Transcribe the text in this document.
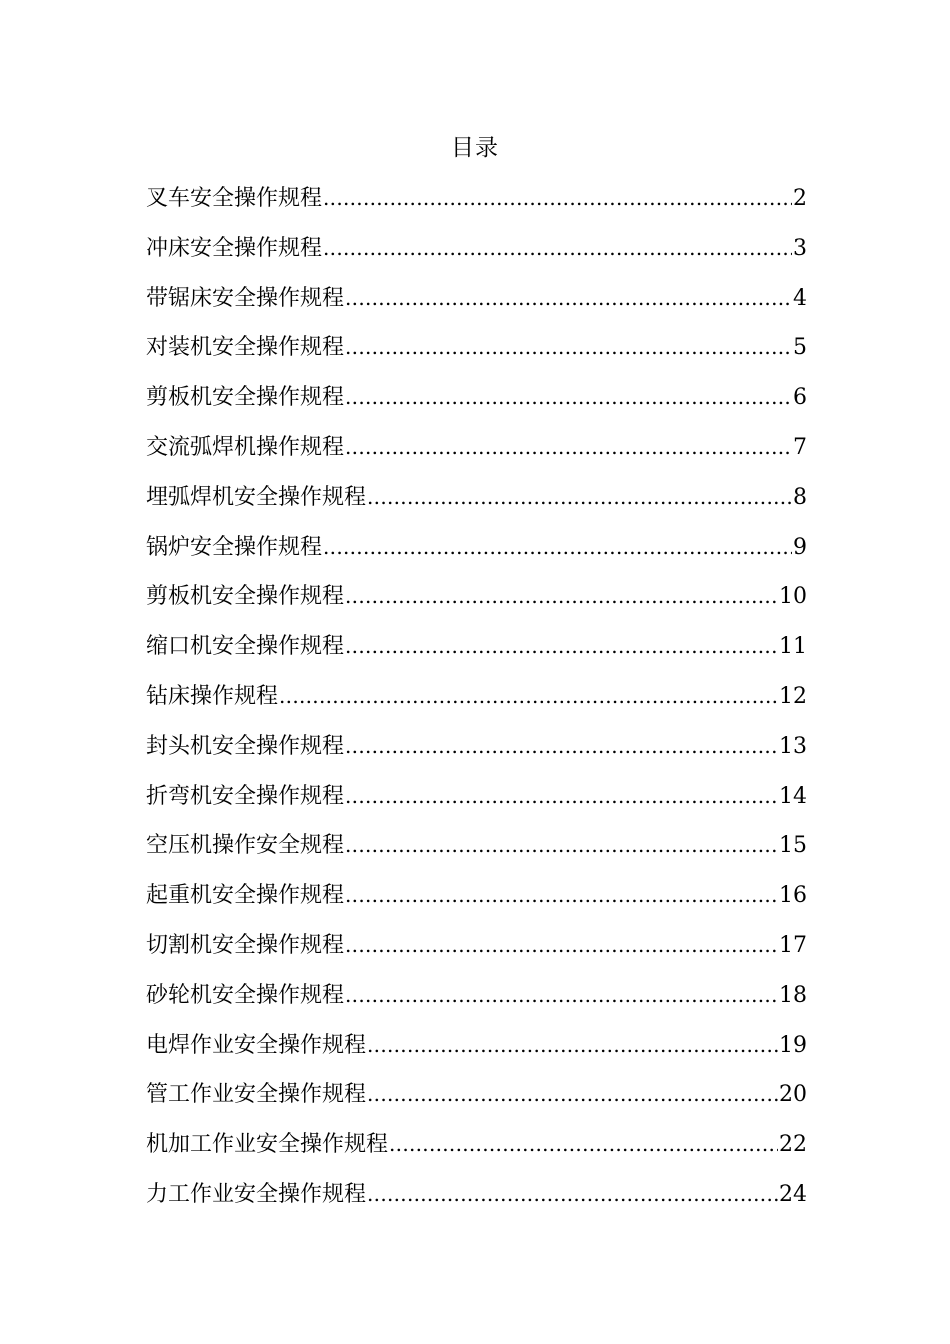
目录
叉车安全操作规程 .....	2
冲床安全操作规程 .....	3
带锯床安全操作规程 .....	4
对装机安全操作规程 .....	5
剪板机安全操作规程 .....	6
交流弧焊机操作规程 .....	7
埋弧焊机安全操作规程 .....	8
锅炉安全操作规程 .....	9
剪板机安全操作规程 .....	10
缩口机安全操作规程 .....	11
钻床操作规程 .....	12
封头机安全操作规程 .....	13
折弯机安全操作规程 .....	14
空压机操作安全规程 .....	15
起重机安全操作规程 .....	16
切割机安全操作规程 .....	17
砂轮机安全操作规程 .....	18
电焊作业安全操作规程 .....	19
管工作业安全操作规程 .....	20
机加工作业安全操作规程 .....	22
力工作业安全操作规程 .....	24
